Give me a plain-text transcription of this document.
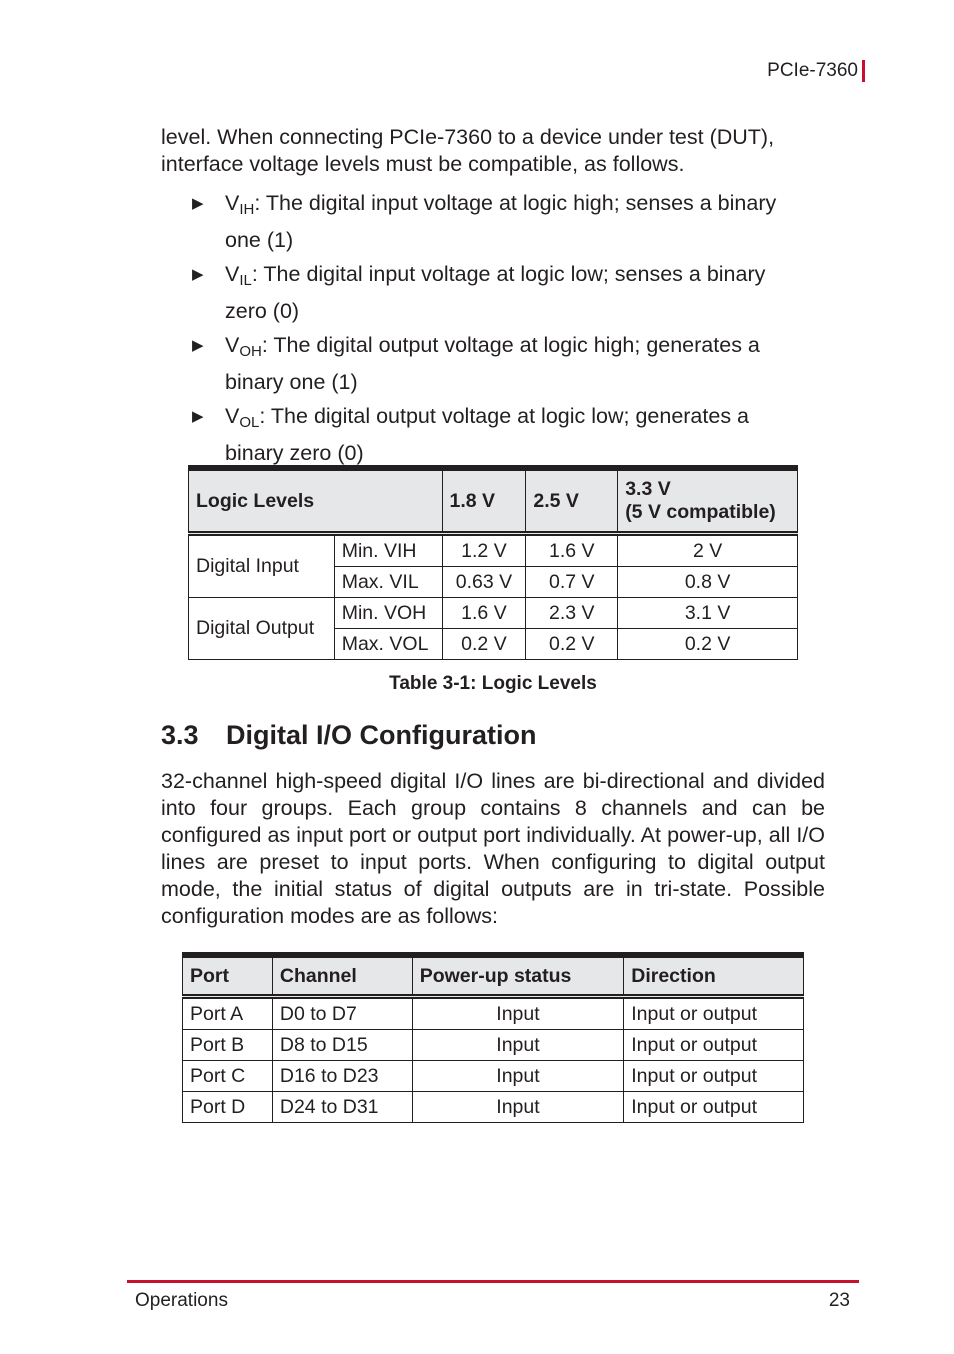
PCIe-7360
level. When connecting PCIe-7360 to a device under test (DUT), interface voltage levels must be compatible, as follows.
▶ $V_{IH}$: The digital input voltage at logic high; senses a binary
one (1)
▶ $V_{IL}$: The digital input voltage at logic low; senses a binary
zero (0)
▶ $V_{OH}$: The digital output voltage at logic high; generates a
binary one (1)
▶ $V_{OL}$: The digital output voltage at logic low; generates a
binary zero (0)
Logic Levels		1.8 V	2.5 V	3.3 V
(5 V compatible)
Digital Input	Min. VIH	1.2 V	1.6 V	2 V
	Max. VIL	0.63 V	0.7 V	0.8 V
Digital Output	Min. VOH	1.6 V	2.3 V	3.1 V
	Max. VOL	0.2 V	0.2 V	0.2 V
Table 3-1: Logic Levels
3.3 Digital I/O Configuration
32-channel high-speed digital I/O lines are bi-directional and divided into four groups. Each group contains 8 channels and can be configured as input port or output port individually. At power-up, all I/O lines are preset to input ports. When configuring to digital output mode, the initial status of digital outputs are in tri-state. Possible configuration modes are as follows:
Port	Channel	Power-up status	Direction
Port A	D0 to D7	Input	Input or output
Port B	D8 to D15	Input	Input or output
Port C	D16 to D23	Input	Input or output
Port D	D24 to D31	Input	Input or output
Operations	23
